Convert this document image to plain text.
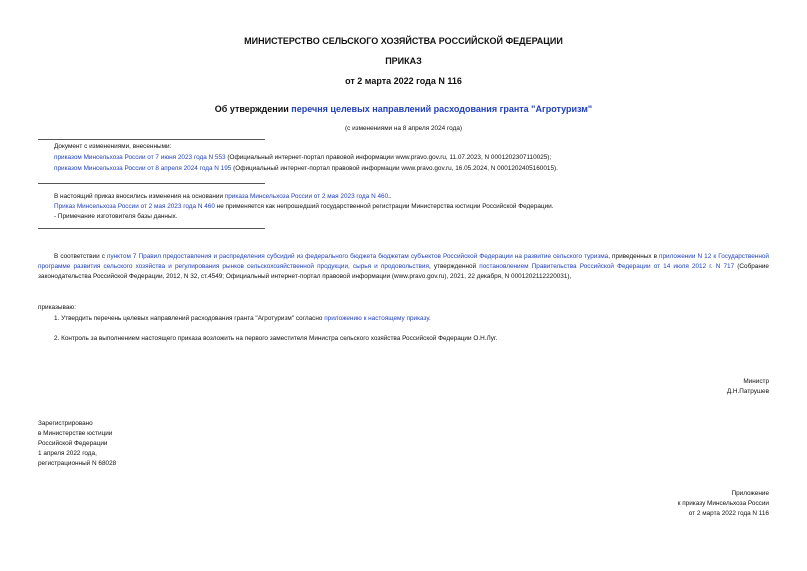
МИНИСТЕРСТВО СЕЛЬСКОГО ХОЗЯЙСТВА РОССИЙСКОЙ ФЕДЕРАЦИИ
ПРИКАЗ
от 2 марта 2022 года N 116
Об утверждении перечня целевых направлений расходования гранта "Агротуризм"
(с изменениями на 8 апреля 2024 года)
Документ с изменениями, внесенными:
приказом Минсельхоза России от 7 июня 2023 года N 553 (Официальный интернет-портал правовой информации www.pravo.gov.ru, 11.07.2023, N 0001202307110025);
приказом Минсельхоза России от 8 апреля 2024 года N 195 (Официальный интернет-портал правовой информации www.pravo.gov.ru, 16.05.2024, N 0001202405160015).
В настоящий приказ вносились изменения на основании приказа Минсельхоза России от 2 мая 2023 года N 460..
Приказ Минсельхоза России от 2 мая 2023 года N 460 не применяется как непрошедший государственной регистрации Министерства юстиции Российской Федерации.
- Примечание изготовителя базы данных.
В соответствии с пунктом 7 Правил предоставления и распределения субсидий из федерального бюджета бюджетам субъектов Российской Федерации на развитие сельского туризма, приведенных в приложении N 12 к Государственной программе развития сельского хозяйства и регулирования рынков сельскохозяйственной продукции, сырья и продовольствия, утвержденной постановлением Правительства Российской Федерации от 14 июля 2012 г. N 717 (Собрание законодательства Российской Федерации, 2012, N 32, ст.4549; Официальный интернет-портал правовой информации (www.pravo.gov.ru), 2021, 22 декабря, N 0001202112220031),
приказываю:
1. Утвердить перечень целевых направлений расходования гранта "Агротуризм" согласно приложению к настоящему приказу.
2. Контроль за выполнением настоящего приказа возложить на первого заместителя Министра сельского хозяйства Российской Федерации О.Н.Луг.
Министр
Д.Н.Патрушев
Зарегистрировано
в Министерстве юстиции
Российской Федерации
1 апреля 2022 года,
регистрационный N 68028
Приложение
к приказу Минсельхоза России
от 2 марта 2022 года N 116
